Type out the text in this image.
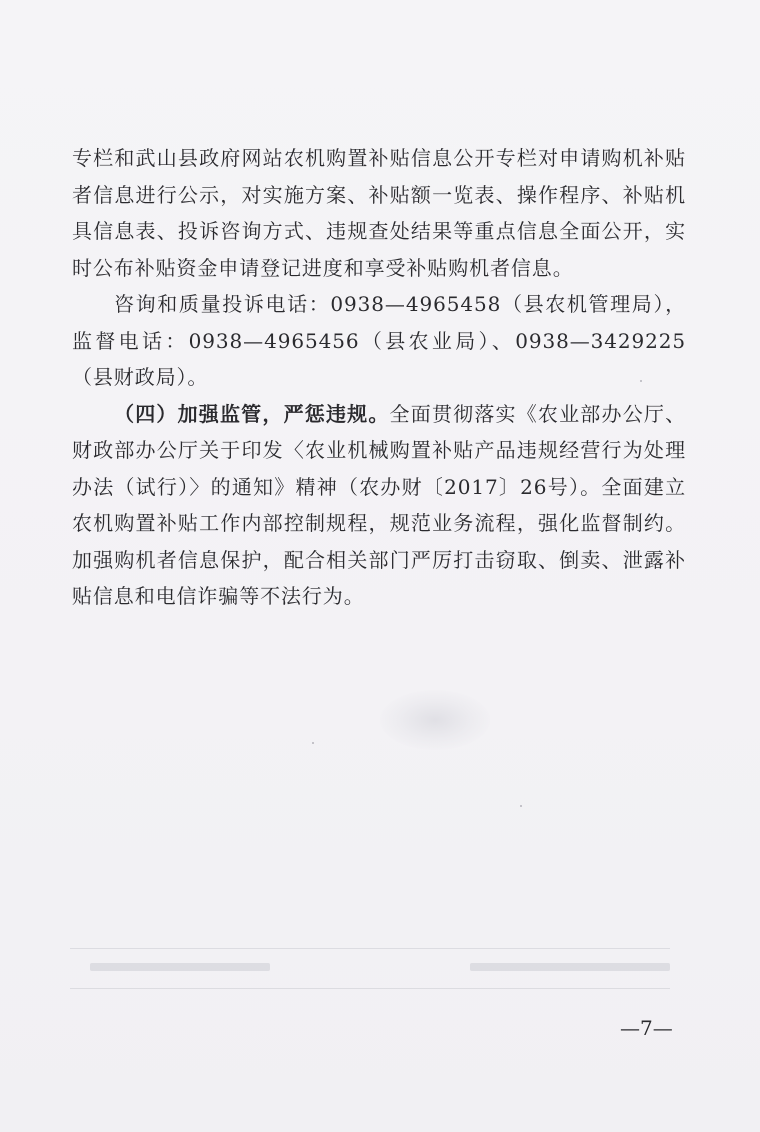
专栏和武山县政府网站农机购置补贴信息公开专栏对申请购机补贴者信息进行公示，对实施方案、补贴额一览表、操作程序、补贴机具信息表、投诉咨询方式、违规查处结果等重点信息全面公开，实时公布补贴资金申请登记进度和享受补贴购机者信息。

咨询和质量投诉电话：0938—4965458（县农机管理局），监督电话：0938—4965456（县农业局）、0938—3429225（县财政局）。

（四）加强监管，严惩违规。全面贯彻落实《农业部办公厅、财政部办公厅关于印发〈农业机械购置补贴产品违规经营行为处理办法（试行）〉的通知》精神（农办财〔2017〕26号）。全面建立农机购置补贴工作内部控制规程，规范业务流程，强化监督制约。加强购机者信息保护，配合相关部门严厉打击窃取、倒卖、泄露补贴信息和电信诈骗等不法行为。

—7—
